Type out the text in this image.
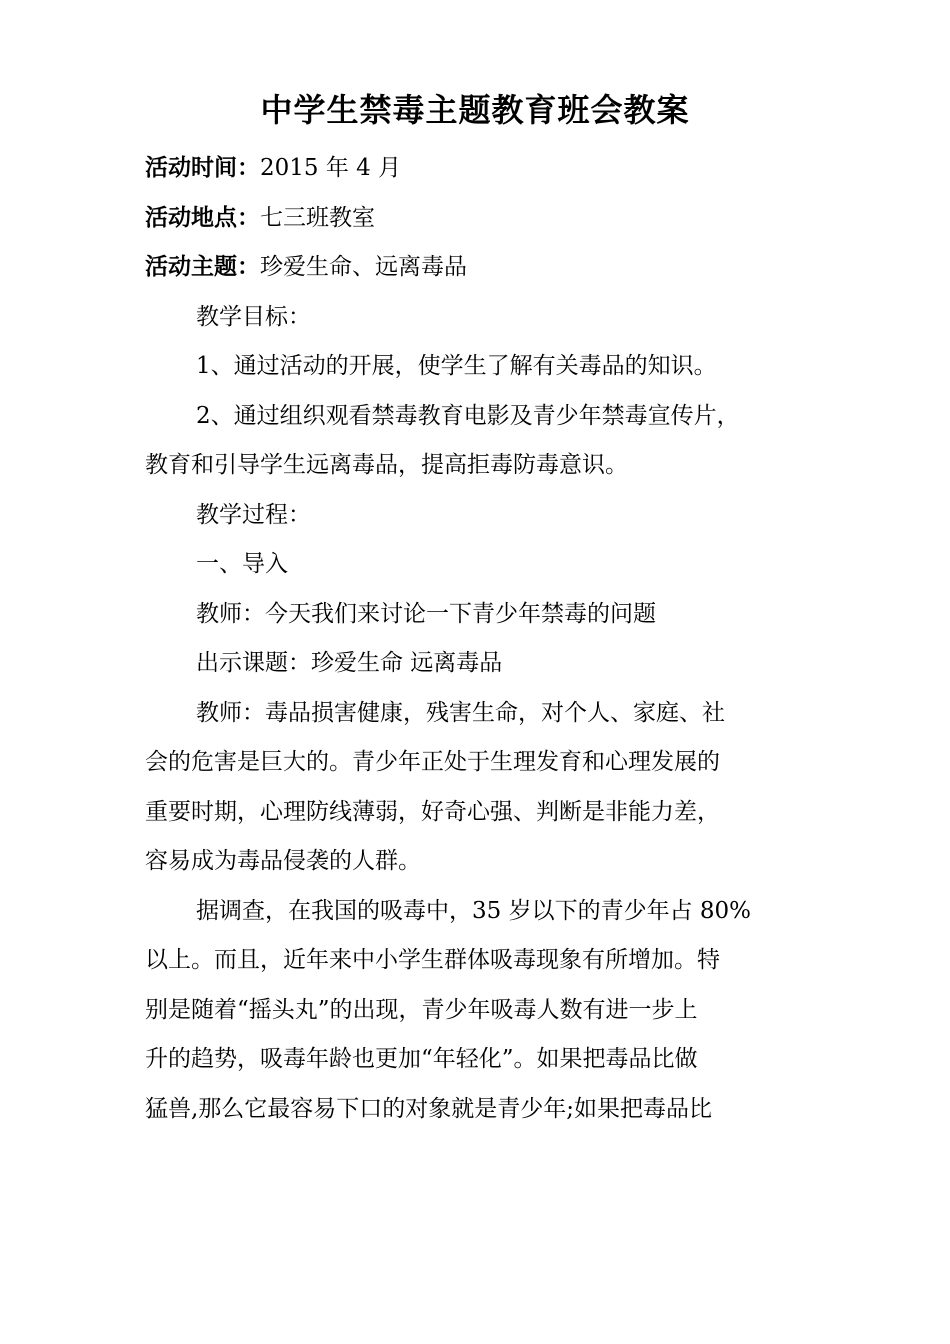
中学生禁毒主题教育班会教案
活动时间：2015 年 4 月
活动地点：七三班教室
活动主题：珍爱生命、远离毒品
教学目标：
1、通过活动的开展，使学生了解有关毒品的知识。
2、通过组织观看禁毒教育电影及青少年禁毒宣传片，
教育和引导学生远离毒品，提高拒毒防毒意识。
教学过程：
一、导入
教师：今天我们来讨论一下青少年禁毒的问题
出示课题：珍爱生命 远离毒品
教师：毒品损害健康，残害生命，对个人、家庭、社
会的危害是巨大的。青少年正处于生理发育和心理发展的
重要时期，心理防线薄弱，好奇心强、判断是非能力差，
容易成为毒品侵袭的人群。
据调查，在我国的吸毒中，35 岁以下的青少年占 80%
以上。而且，近年来中小学生群体吸毒现象有所增加。特
别是随着“摇头丸”的出现，青少年吸毒人数有进一步上
升的趋势，吸毒年龄也更加“年轻化”。如果把毒品比做
猛兽,那么它最容易下口的对象就是青少年;如果把毒品比
